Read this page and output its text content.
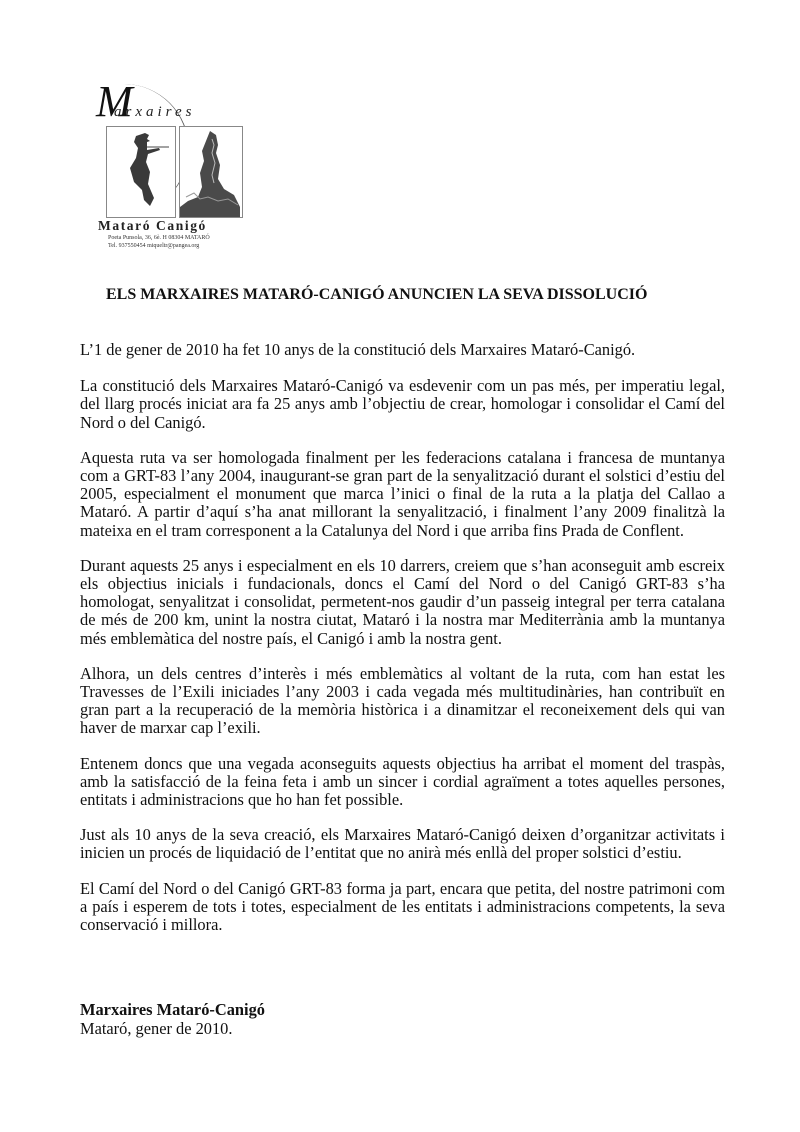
M
arxaires
Mataró Canigó
Poeta Punsola, 36, 6è. H 08304 MATARÓ
Tel. 937550454 miqueltr@pangea.org
ELS MARXAIRES MATARÓ-CANIGÓ ANUNCIEN LA SEVA DISSOLUCIÓ

L’1 de gener de 2010 ha fet 10 anys de la constitució dels Marxaires Mataró-Canigó.

La constitució dels Marxaires Mataró-Canigó va esdevenir com un pas més, per imperatiu legal, del llarg procés iniciat ara fa 25 anys amb l’objectiu de crear, homologar i consolidar el Camí del Nord o del Canigó.

Aquesta ruta va ser homologada finalment per les federacions catalana i francesa de muntanya com a GRT-83 l’any 2004, inaugurant-se gran part de la senyalització durant el solstici d’estiu del 2005, especialment el monument que marca l’inici o final de la ruta a la platja del Callao a Mataró. A partir d’aquí s’ha anat millorant la senyalització, i finalment l’any 2009 finalitzà la mateixa en el tram corresponent a la Catalunya del Nord i que arriba fins Prada de Conflent.

Durant aquests 25 anys i especialment en els 10 darrers, creiem que s’han aconseguit amb escreix els objectius inicials i fundacionals, doncs el Camí del Nord o del Canigó GRT-83 s’ha homologat, senyalitzat i consolidat, permetent-nos gaudir d’un passeig integral per terra catalana de més de 200 km, unint la nostra ciutat, Mataró i la nostra mar Mediterrània amb la muntanya més emblemàtica del nostre país, el Canigó i amb la nostra gent.

Alhora, un dels centres d’interès i més emblemàtics al voltant de la ruta, com han estat les Travesses de l’Exili iniciades l’any 2003 i cada vegada més multitudinàries, han contribuït en gran part a la recuperació de la memòria històrica i a dinamitzar el reconeixement dels qui van haver de marxar cap l’exili.

Entenem doncs que una vegada aconseguits aquests objectius ha arribat el moment del traspàs, amb la satisfacció de la feina feta i amb un sincer i cordial agraïment a totes aquelles persones, entitats i administracions que ho han fet possible.

Just als 10 anys de la seva creació, els Marxaires Mataró-Canigó deixen d’organitzar activitats i inicien un procés de liquidació de l’entitat que no anirà més enllà del proper solstici d’estiu.

El Camí del Nord o del Canigó GRT-83 forma ja part, encara que petita, del nostre patrimoni com a país i esperem de tots i totes, especialment de les entitats i administracions competents, la seva conservació i millora.

Marxaires Mataró-Canigó
Mataró, gener de 2010.
